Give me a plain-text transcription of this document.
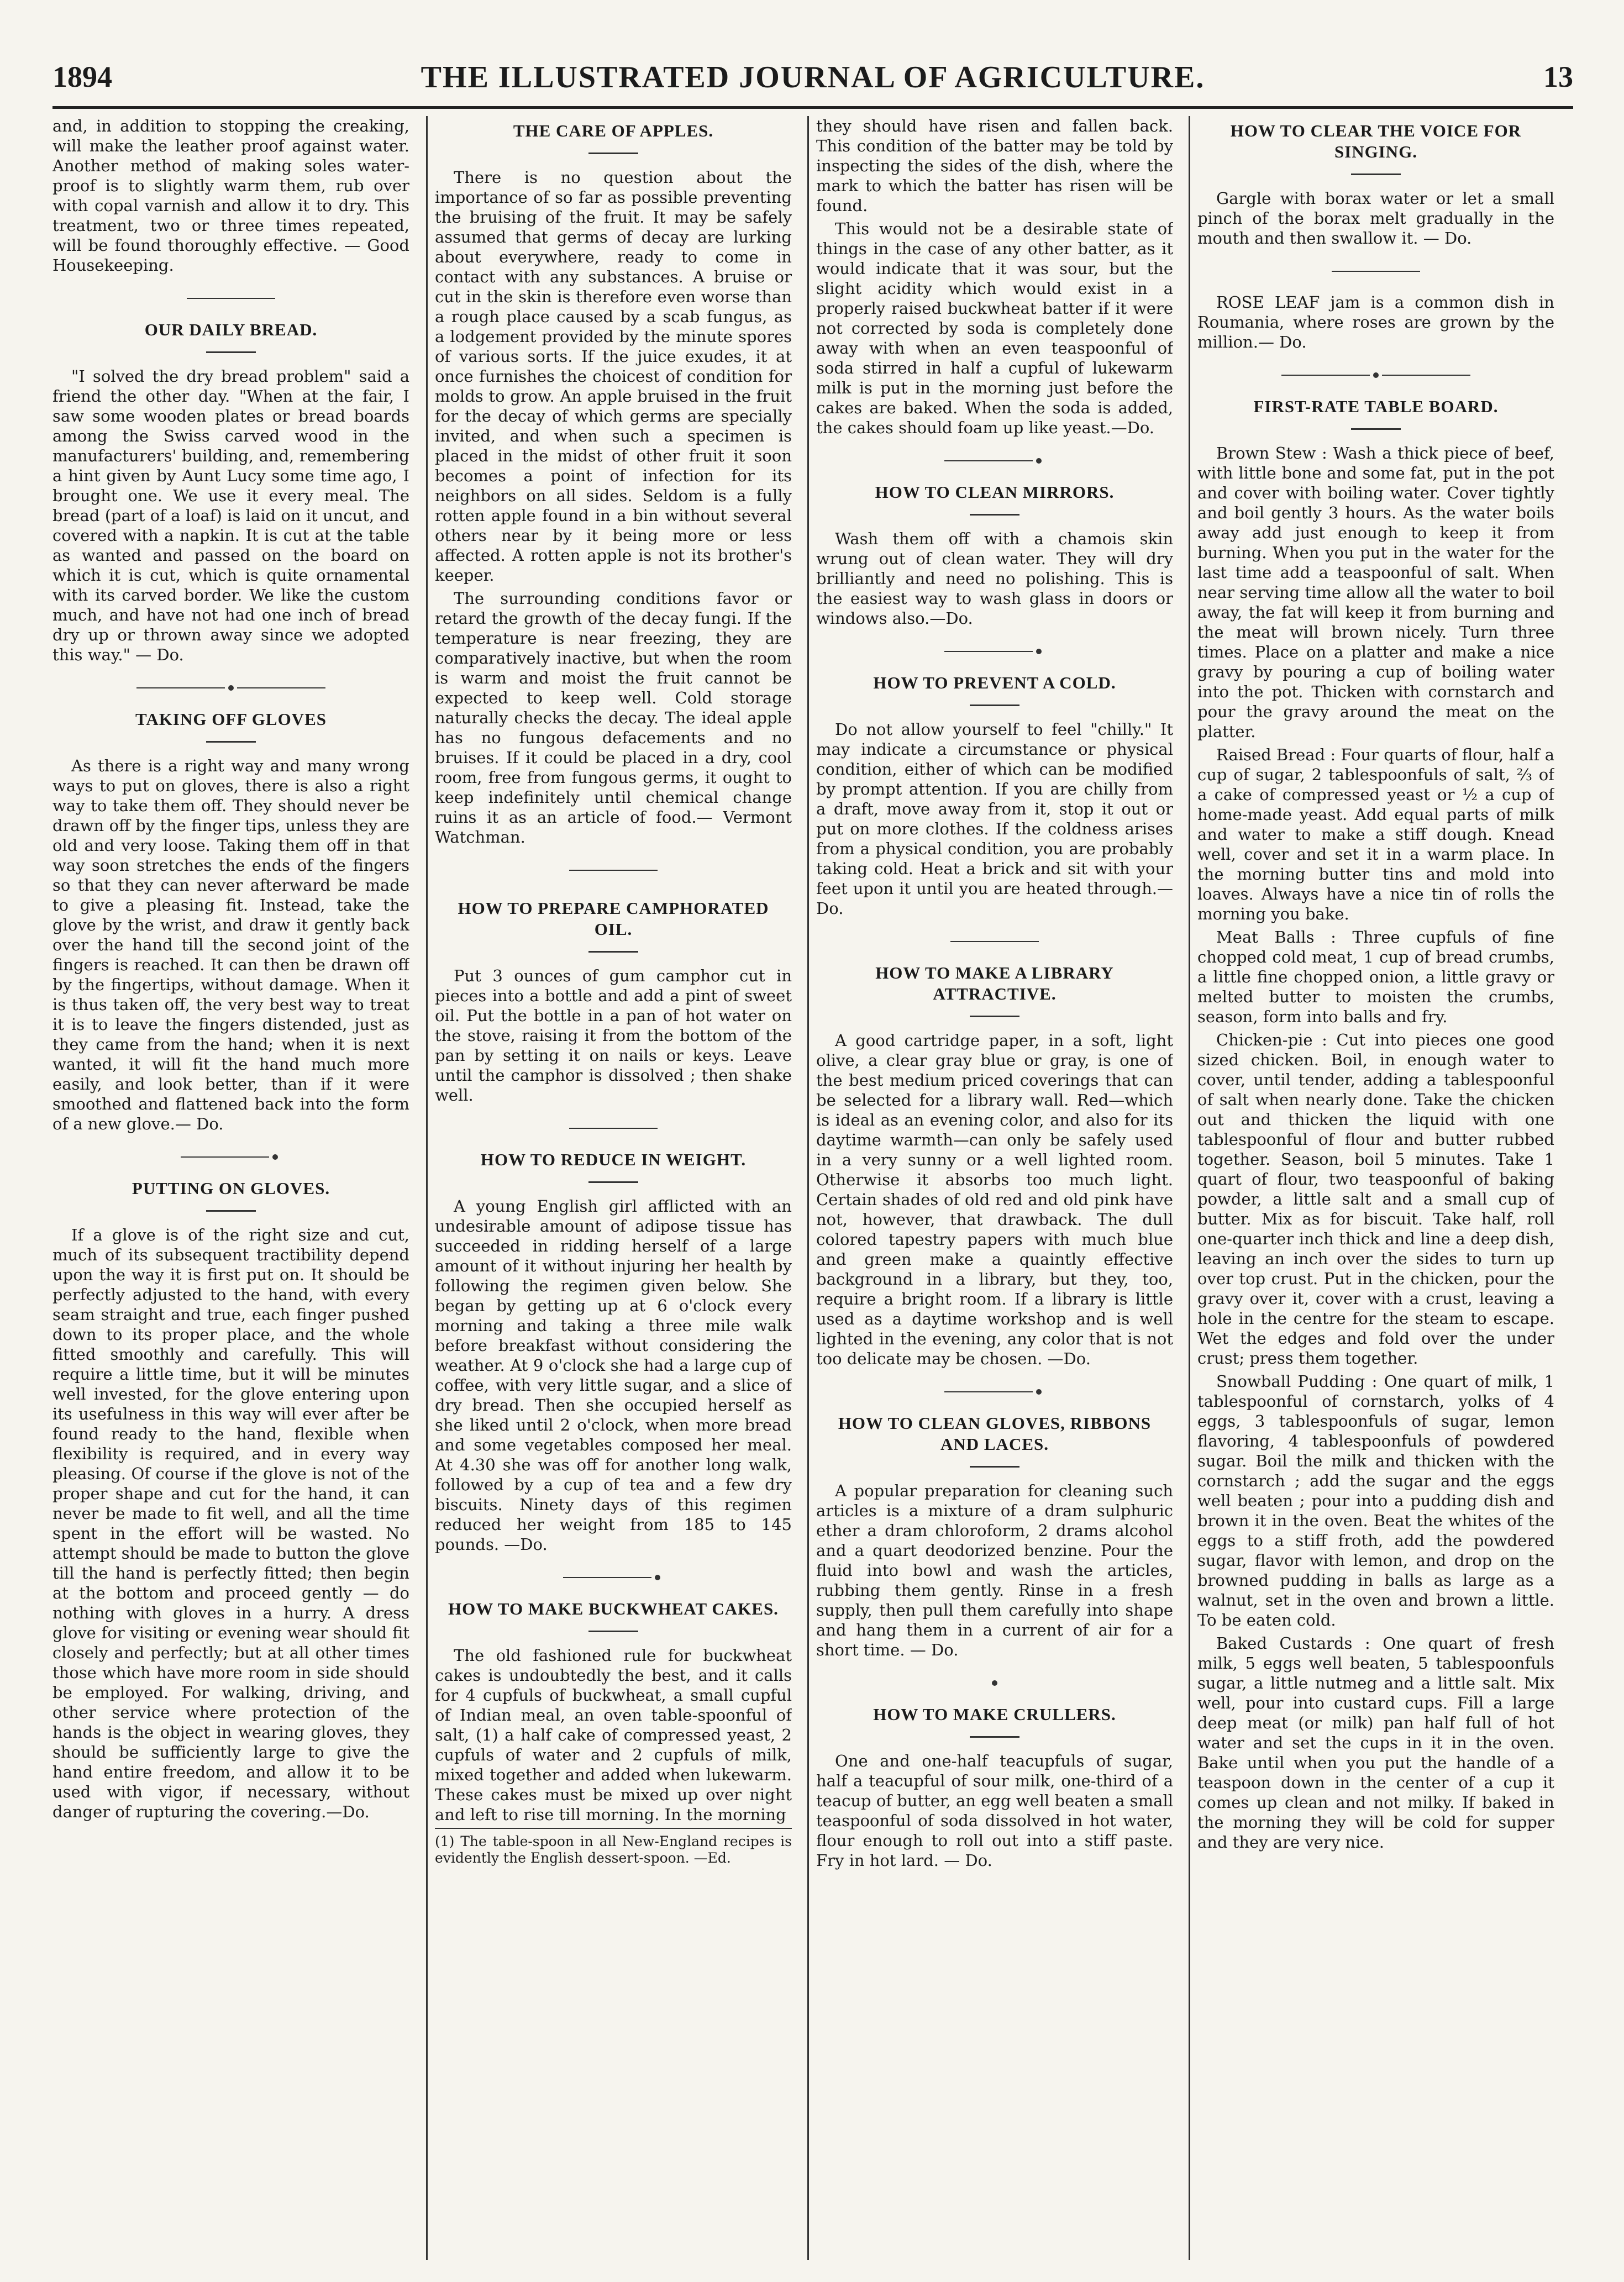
1894	THE ILLUSTRATED JOURNAL OF AGRICULTURE.	13

and, in addition to stopping the creaking, will make the leather proof against water. Another method of making soles water-proof is to slightly warm them, rub over with copal varnish and allow it to dry. This treatment, two or three times repeated, will be found thoroughly effective. — Good Housekeeping.

OUR DAILY BREAD.

"I solved the dry bread problem" said a friend the other day. "When at the fair, I saw some wooden plates or bread boards among the Swiss carved wood in the manufacturers' building, and, remembering a hint given by Aunt Lucy some time ago, I brought one. We use it every meal. The bread (part of a loaf) is laid on it uncut, and covered with a napkin. It is cut at the table as wanted and passed on the board on which it is cut, which is quite ornamental with its carved border. We like the custom much, and have not had one inch of bread dry up or thrown away since we adopted this way." — Do.

TAKING OFF GLOVES

As there is a right way and many wrong ways to put on gloves, there is also a right way to take them off. They should never be drawn off by the finger tips, unless they are old and very loose. Taking them off in that way soon stretches the ends of the fingers so that they can never afterward be made to give a pleasing fit. Instead, take the glove by the wrist, and draw it gently back over the hand till the second joint of the fingers is reached. It can then be drawn off by the fingertips, without damage. When it is thus taken off, the very best way to treat it is to leave the fingers distended, just as they came from the hand; when it is next wanted, it will fit the hand much more easily, and look better, than if it were smoothed and flattened back into the form of a new glove.— Do.

PUTTING ON GLOVES.

If a glove is of the right size and cut, much of its subsequent tractibility depend upon the way it is first put on. It should be perfectly adjusted to the hand, with every seam straight and true, each finger pushed down to its proper place, and the whole fitted smoothly and carefully. This will require a little time, but it will be minutes well invested, for the glove entering upon its usefulness in this way will ever after be found ready to the hand, flexible when flexibility is required, and in every way pleasing. Of course if the glove is not of the proper shape and cut for the hand, it can never be made to fit well, and all the time spent in the effort will be wasted. No attempt should be made to button the glove till the hand is perfectly fitted; then begin at the bottom and proceed gently — do nothing with gloves in a hurry. A dress glove for visiting or evening wear should fit closely and perfectly; but at all other times those which have more room in side should be employed. For walking, driving, and other service where protection of the hands is the object in wearing gloves, they should be sufficiently large to give the hand entire freedom, and allow it to be used with vigor, if necessary, without danger of rupturing the covering.—Do.

THE CARE OF APPLES.

There is no question about the importance of so far as possible preventing the bruising of the fruit. It may be safely assumed that germs of decay are lurking about everywhere, ready to come in contact with any substances. A bruise or cut in the skin is therefore even worse than a rough place caused by a scab fungus, as a lodgement provided by the minute spores of various sorts. If the juice exudes, it at once furnishes the choicest of condition for molds to grow. An apple bruised in the fruit for the decay of which germs are specially invited, and when such a specimen is placed in the midst of other fruit it soon becomes a point of infection for its neighbors on all sides. Seldom is a fully rotten apple found in a bin without several others near by it being more or less affected. A rotten apple is not its brother's keeper.

The surrounding conditions favor or retard the growth of the decay fungi. If the temperature is near freezing, they are comparatively inactive, but when the room is warm and moist the fruit cannot be expected to keep well. Cold storage naturally checks the decay. The ideal apple has no fungous defacements and no bruises. If it could be placed in a dry, cool room, free from fungous germs, it ought to keep indefinitely until chemical change ruins it as an article of food.— Vermont Watchman.

HOW TO PREPARE CAMPHORATED OIL.

Put 3 ounces of gum camphor cut in pieces into a bottle and add a pint of sweet oil. Put the bottle in a pan of hot water on the stove, raising it from the bottom of the pan by setting it on nails or keys. Leave until the camphor is dissolved ; then shake well.

HOW TO REDUCE IN WEIGHT.

A young English girl afflicted with an undesirable amount of adipose tissue has succeeded in ridding herself of a large amount of it without injuring her health by following the regimen given below. She began by getting up at 6 o'clock every morning and taking a three mile walk before breakfast without considering the weather. At 9 o'clock she had a large cup of coffee, with very little sugar, and a slice of dry bread. Then she occupied herself as she liked until 2 o'clock, when more bread and some vegetables composed her meal. At 4.30 she was off for another long walk, followed by a cup of tea and a few dry biscuits. Ninety days of this regimen reduced her weight from 185 to 145 pounds. —Do.

HOW TO MAKE BUCKWHEAT CAKES.

The old fashioned rule for buckwheat cakes is undoubtedly the best, and it calls for 4 cupfuls of buckwheat, a small cupful of Indian meal, an oven table-spoonful of salt, (1) a half cake of compressed yeast, 2 cupfuls of water and 2 cupfuls of milk, mixed together and added when lukewarm. These cakes must be mixed up over night and left to rise till morning. In the morning

(1) The table-spoon in all New-England recipes is evidently the English dessert-spoon. —Ed.

they should have risen and fallen back. This condition of the batter may be told by inspecting the sides of the dish, where the mark to which the batter has risen will be found.

This would not be a desirable state of things in the case of any other batter, as it would indicate that it was sour, but the slight acidity which would exist in a properly raised buckwheat batter if it were not corrected by soda is completely done away with when an even teaspoonful of soda stirred in half a cupful of lukewarm milk is put in the morning just before the cakes are baked. When the soda is added, the cakes should foam up like yeast.—Do.

HOW TO CLEAN MIRRORS.

Wash them off with a chamois skin wrung out of clean water. They will dry brilliantly and need no polishing. This is the easiest way to wash glass in doors or windows also.—Do.

HOW TO PREVENT A COLD.

Do not allow yourself to feel "chilly." It may indicate a circumstance or physical condition, either of which can be modified by prompt attention. If you are chilly from a draft, move away from it, stop it out or put on more clothes. If the coldness arises from a physical condition, you are probably taking cold. Heat a brick and sit with your feet upon it until you are heated through.— Do.

HOW TO MAKE A LIBRARY ATTRACTIVE.

A good cartridge paper, in a soft, light olive, a clear gray blue or gray, is one of the best medium priced coverings that can be selected for a library wall. Red—which is ideal as an evening color, and also for its daytime warmth—can only be safely used in a very sunny or a well lighted room. Otherwise it absorbs too much light. Certain shades of old red and old pink have not, however, that drawback. The dull colored tapestry papers with much blue and green make a quaintly effective background in a library, but they, too, require a bright room. If a library is little used as a daytime workshop and is well lighted in the evening, any color that is not too delicate may be chosen. —Do.

HOW TO CLEAN GLOVES, RIBBONS AND LACES.

A popular preparation for cleaning such articles is a mixture of a dram sulphuric ether a dram chloroform, 2 drams alcohol and a quart deodorized benzine. Pour the fluid into bowl and wash the articles, rubbing them gently. Rinse in a fresh supply, then pull them carefully into shape and hang them in a current of air for a short time. — Do.

HOW TO MAKE CRULLERS.

One and one-half teacupfuls of sugar, half a teacupful of sour milk, one-third of a teacup of butter, an egg well beaten a small teaspoonful of soda dissolved in hot water, flour enough to roll out into a stiff paste. Fry in hot lard. — Do.

HOW TO CLEAR THE VOICE FOR SINGING.

Gargle with borax water or let a small pinch of the borax melt gradually in the mouth and then swallow it. — Do.

ROSE LEAF jam is a common dish in Roumania, where roses are grown by the million.— Do.

FIRST-RATE TABLE BOARD.

Brown Stew : Wash a thick piece of beef, with little bone and some fat, put in the pot and cover with boiling water. Cover tightly and boil gently 3 hours. As the water boils away add just enough to keep it from burning. When you put in the water for the last time add a teaspoonful of salt. When near serving time allow all the water to boil away, the fat will keep it from burning and the meat will brown nicely. Turn three times. Place on a platter and make a nice gravy by pouring a cup of boiling water into the pot. Thicken with cornstarch and pour the gravy around the meat on the platter.

Raised Bread : Four quarts of flour, half a cup of sugar, 2 tablespoonfuls of salt, ⅔ of a cake of compressed yeast or ½ a cup of home-made yeast. Add equal parts of milk and water to make a stiff dough. Knead well, cover and set it in a warm place. In the morning butter tins and mold into loaves. Always have a nice tin of rolls the morning you bake.

Meat Balls : Three cupfuls of fine chopped cold meat, 1 cup of bread crumbs, a little fine chopped onion, a little gravy or melted butter to moisten the crumbs, season, form into balls and fry.

Chicken-pie : Cut into pieces one good sized chicken. Boil, in enough water to cover, until tender, adding a tablespoonful of salt when nearly done. Take the chicken out and thicken the liquid with one tablespoonful of flour and butter rubbed together. Season, boil 5 minutes. Take 1 quart of flour, two teaspoonful of baking powder, a little salt and a small cup of butter. Mix as for biscuit. Take half, roll one-quarter inch thick and line a deep dish, leaving an inch over the sides to turn up over top crust. Put in the chicken, pour the gravy over it, cover with a crust, leaving a hole in the centre for the steam to escape. Wet the edges and fold over the under crust; press them together.

Snowball Pudding : One quart of milk, 1 tablespoonful of cornstarch, yolks of 4 eggs, 3 tablespoonfuls of sugar, lemon flavoring, 4 tablespoonfuls of powdered sugar. Boil the milk and thicken with the cornstarch ; add the sugar and the eggs well beaten ; pour into a pudding dish and brown it in the oven. Beat the whites of the eggs to a stiff froth, add the powdered sugar, flavor with lemon, and drop on the browned pudding in balls as large as a walnut, set in the oven and brown a little. To be eaten cold.

Baked Custards : One quart of fresh milk, 5 eggs well beaten, 5 tablespoonfuls sugar, a little nutmeg and a little salt. Mix well, pour into custard cups. Fill a large deep meat (or milk) pan half full of hot water and set the cups in it in the oven. Bake until when you put the handle of a teaspoon down in the center of a cup it comes up clean and not milky. If baked in the morning they will be cold for supper and they are very nice.
